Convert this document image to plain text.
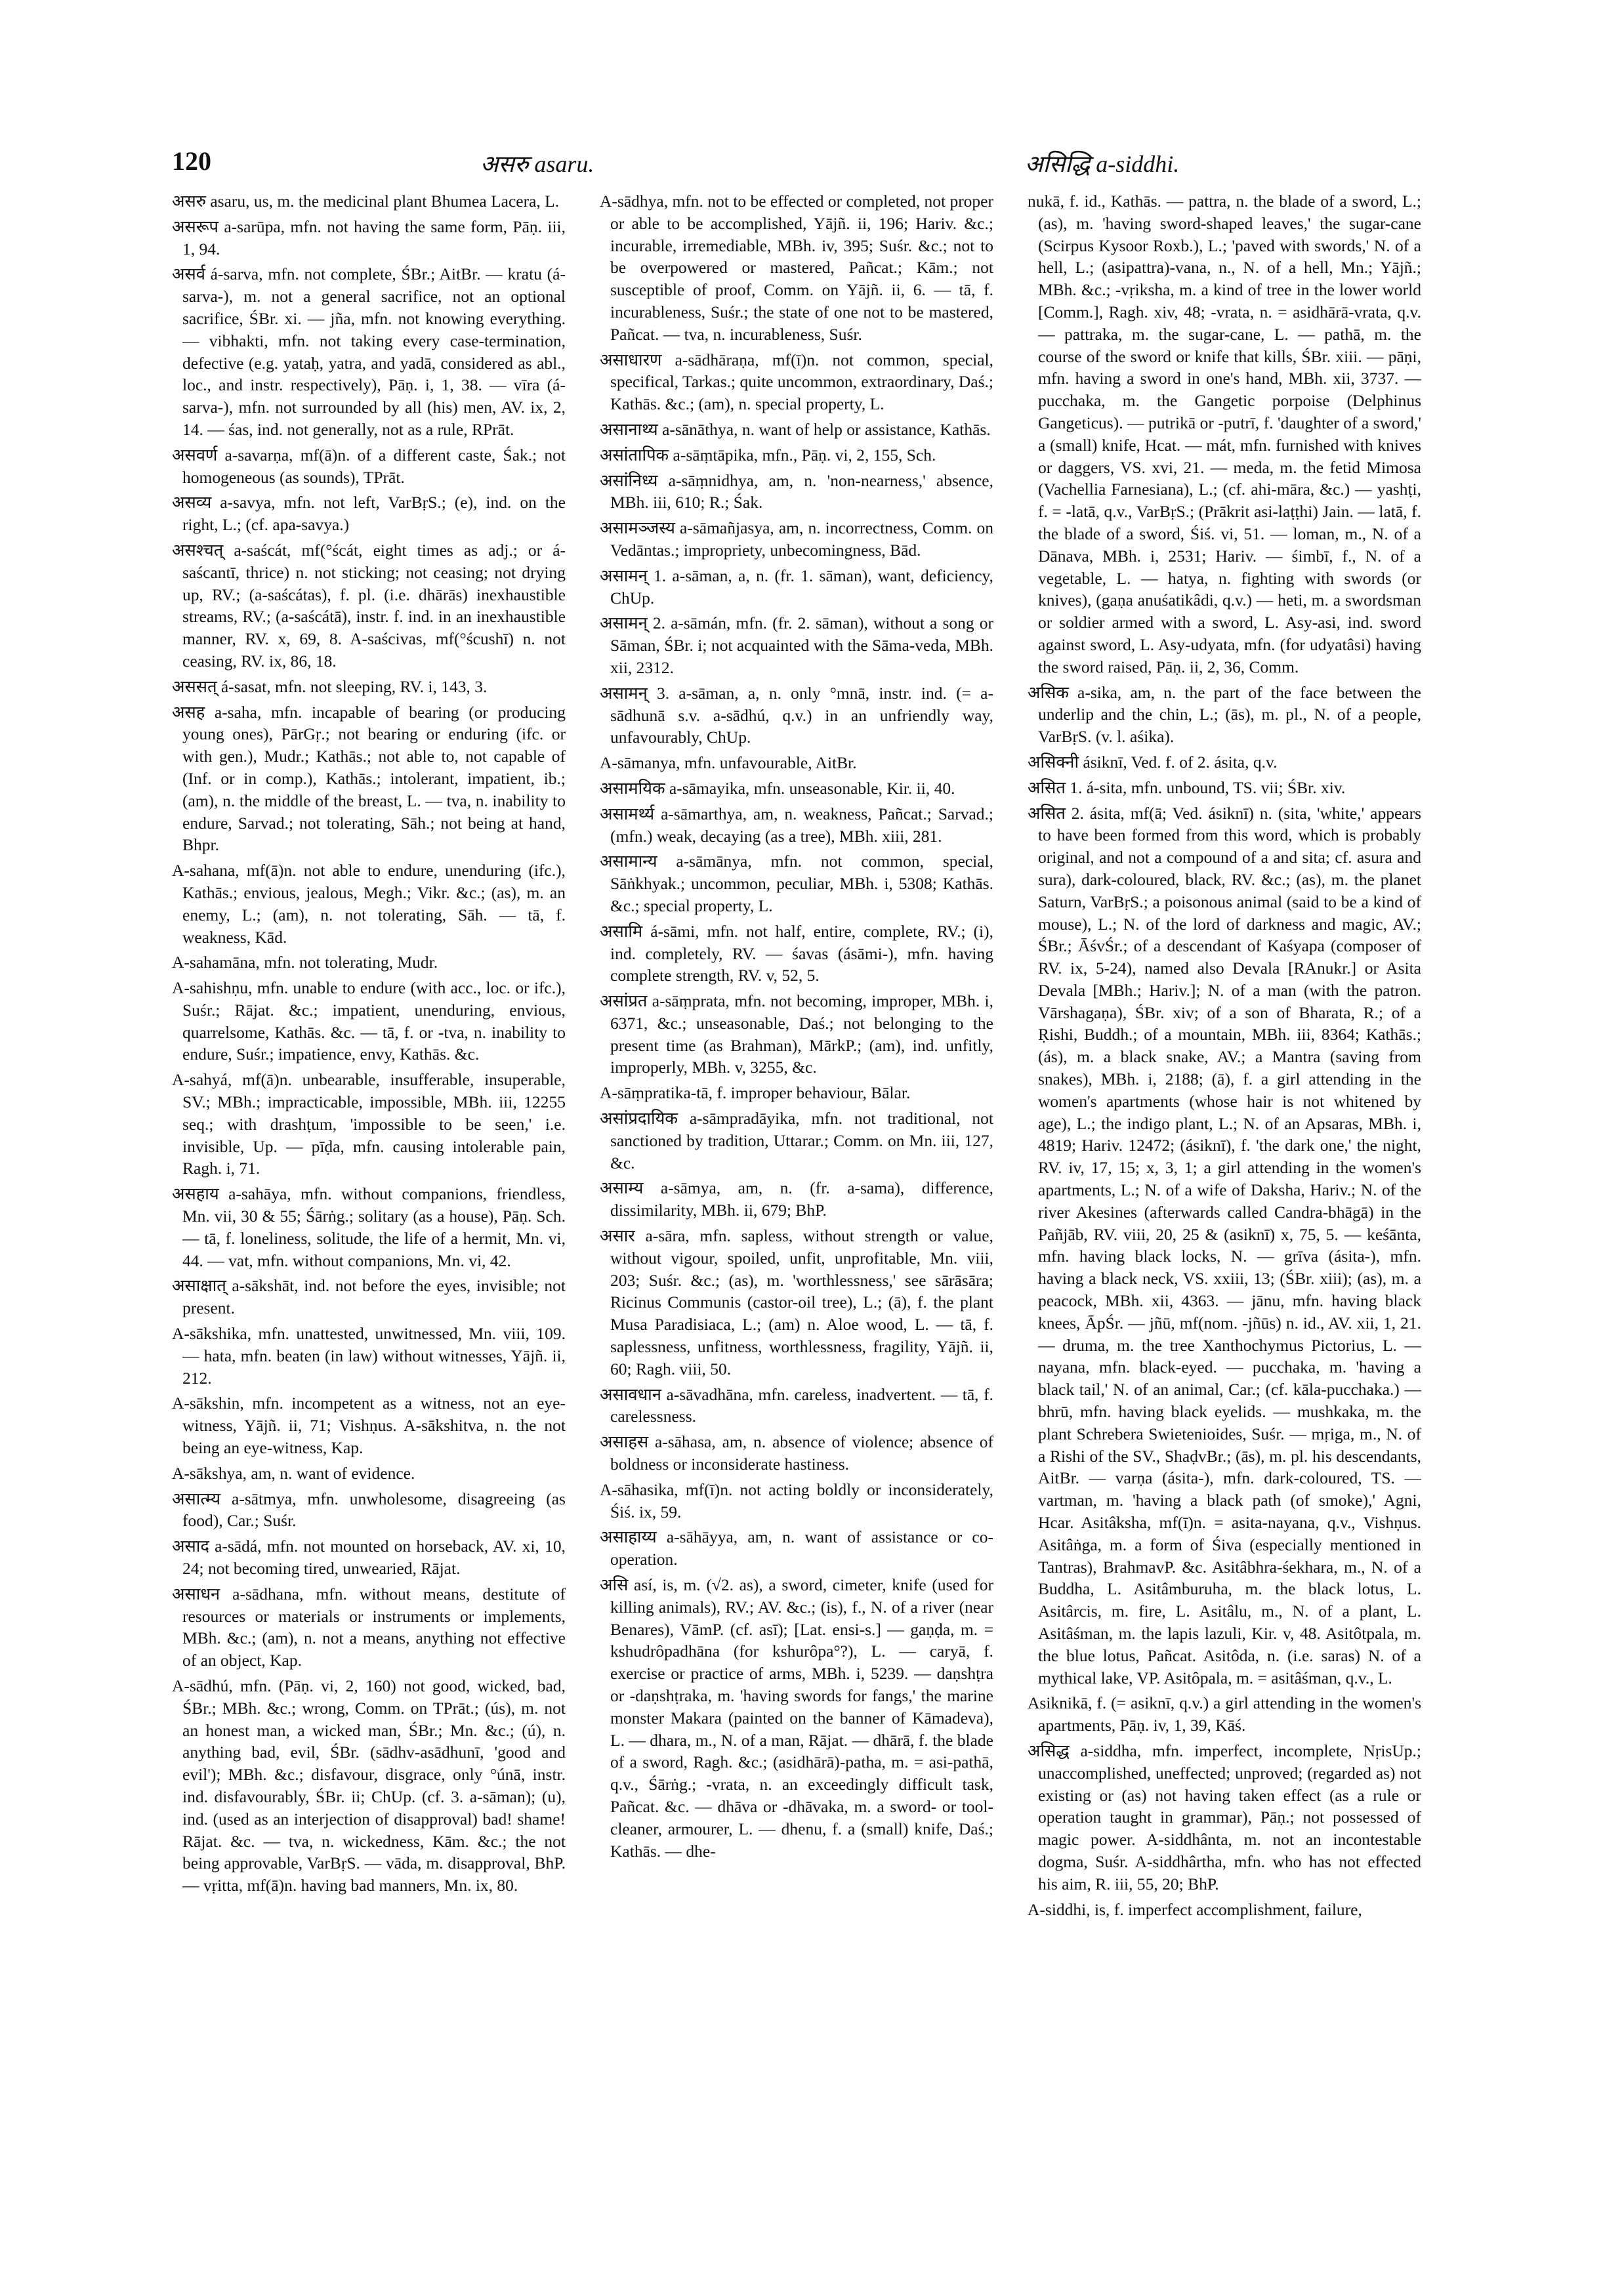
120	असरु asaru.	असिद्धि a-siddhi.

असरु asaru, us, m. the medicinal plant Bhumea Lacera, L.

असरूप a-sarūpa, mfn. not having the same form, Pāṇ. iii, 1, 94.

असर्व á-sarva, mfn. not complete, ŚBr.; AitBr. — kratu (á-sarva-), m. not a general sacrifice, not an optional sacrifice, ŚBr. xi. — jña, mfn. not knowing everything. — vibhakti, mfn. not taking every case-termination, defective (e.g. yataḥ, yatra, and yadā, considered as abl., loc., and instr. respectively), Pāṇ. i, 1, 38. — vīra (á-sarva-), mfn. not surrounded by all (his) men, AV. ix, 2, 14. — śas, ind. not generally, not as a rule, RPrāt.

असवर्ण a-savarṇa, mf(ā)n. of a different caste, Śak.; not homogeneous (as sounds), TPrāt.

असव्य a-savya, mfn. not left, VarBṛS.; (e), ind. on the right, L.; (cf. apa-savya.)

असश्चत् a-saścát, mf(°ścát, eight times as adj.; or á-saścantī, thrice) n. not sticking; not ceasing; not drying up, RV.; (a-saścátas), f. pl. (i.e. dhārās) inexhaustible streams, RV.; (a-saścátā), instr. f. ind. in an inexhaustible manner, RV. x, 69, 8. A-saścivas, mf(°ścushī) n. not ceasing, RV. ix, 86, 18.

अससत् á-sasat, mfn. not sleeping, RV. i, 143, 3.

असह a-saha, mfn. incapable of bearing (or producing young ones), PārGṛ.; not bearing or enduring (ifc. or with gen.), Mudr.; Kathās.; not able to, not capable of (Inf. or in comp.), Kathās.; intolerant, impatient, ib.; (am), n. the middle of the breast, L. — tva, n. inability to endure, Sarvad.; not tolerating, Sāh.; not being at hand, Bhpr.

A-sahana, mf(ā)n. not able to endure, unenduring (ifc.), Kathās.; envious, jealous, Megh.; Vikr. &c.; (as), m. an enemy, L.; (am), n. not tolerating, Sāh. — tā, f. weakness, Kād.

A-sahamāna, mfn. not tolerating, Mudr.

A-sahishṇu, mfn. unable to endure (with acc., loc. or ifc.), Suśr.; Rājat. &c.; impatient, unenduring, envious, quarrelsome, Kathās. &c. — tā, f. or -tva, n. inability to endure, Suśr.; impatience, envy, Kathās. &c.

A-sahyá, mf(ā)n. unbearable, insufferable, insuperable, SV.; MBh.; impracticable, impossible, MBh. iii, 12255 seq.; with drashṭum, 'impossible to be seen,' i.e. invisible, Up. — pīḍa, mfn. causing intolerable pain, Ragh. i, 71.

असहाय a-sahāya, mfn. without companions, friendless, Mn. vii, 30 & 55; Śārṅg.; solitary (as a house), Pāṇ. Sch. — tā, f. loneliness, solitude, the life of a hermit, Mn. vi, 44. — vat, mfn. without companions, Mn. vi, 42.

असाक्षात् a-sākshāt, ind. not before the eyes, invisible; not present.

A-sākshika, mfn. unattested, unwitnessed, Mn. viii, 109. — hata, mfn. beaten (in law) without witnesses, Yājñ. ii, 212.

A-sākshin, mfn. incompetent as a witness, not an eye-witness, Yājñ. ii, 71; Vishṇus. A-sākshitva, n. the not being an eye-witness, Kap.

A-sākshya, am, n. want of evidence.

असात्म्य a-sātmya, mfn. unwholesome, disagreeing (as food), Car.; Suśr.

असाद a-sādá, mfn. not mounted on horseback, AV. xi, 10, 24; not becoming tired, unwearied, Rājat.

असाधन a-sādhana, mfn. without means, destitute of resources or materials or instruments or implements, MBh. &c.; (am), n. not a means, anything not effective of an object, Kap.

A-sādhú, mfn. (Pāṇ. vi, 2, 160) not good, wicked, bad, ŚBr.; MBh. &c.; wrong, Comm. on TPrāt.; (ús), m. not an honest man, a wicked man, ŚBr.; Mn. &c.; (ú), n. anything bad, evil, ŚBr. (sādhv-asādhunī, 'good and evil'); MBh. &c.; disfavour, disgrace, only °únā, instr. ind. disfavourably, ŚBr. ii; ChUp. (cf. 3. a-sāman); (u), ind. (used as an interjection of disapproval) bad! shame! Rājat. &c. — tva, n. wickedness, Kām. &c.; the not being approvable, VarBṛS. — vāda, m. disapproval, BhP. — vṛitta, mf(ā)n. having bad manners, Mn. ix, 80.

A-sādhya, mfn. not to be effected or completed, not proper or able to be accomplished, Yājñ. ii, 196; Hariv. &c.; incurable, irremediable, MBh. iv, 395; Suśr. &c.; not to be overpowered or mastered, Pañcat.; Kām.; not susceptible of proof, Comm. on Yājñ. ii, 6. — tā, f. incurableness, Suśr.; the state of one not to be mastered, Pañcat. — tva, n. incurableness, Suśr.

असाधारण a-sādhāraṇa, mf(ī)n. not common, special, specifical, Tarkas.; quite uncommon, extraordinary, Daś.; Kathās. &c.; (am), n. special property, L.

असानाथ्य a-sānāthya, n. want of help or assistance, Kathās.

असांतापिक a-sāṃtāpika, mfn., Pāṇ. vi, 2, 155, Sch.

असांनिध्य a-sāṃnidhya, am, n. 'non-nearness,' absence, MBh. iii, 610; R.; Śak.

असामञ्जस्य a-sāmañjasya, am, n. incorrectness, Comm. on Vedāntas.; impropriety, unbecomingness, Bād.

असामन् 1. a-sāman, a, n. (fr. 1. sāman), want, deficiency, ChUp.

असामन् 2. a-sāmán, mfn. (fr. 2. sāman), without a song or Sāman, ŚBr. i; not acquainted with the Sāma-veda, MBh. xii, 2312.

असामन् 3. a-sāman, a, n. only °mnā, instr. ind. (= a-sādhunā s.v. a-sādhú, q.v.) in an unfriendly way, unfavourably, ChUp.

A-sāmanya, mfn. unfavourable, AitBr.

असामयिक a-sāmayika, mfn. unseasonable, Kir. ii, 40.

असामर्थ्य a-sāmarthya, am, n. weakness, Pañcat.; Sarvad.; (mfn.) weak, decaying (as a tree), MBh. xiii, 281.

असामान्य a-sāmānya, mfn. not common, special, Sāṅkhyak.; uncommon, peculiar, MBh. i, 5308; Kathās. &c.; special property, L.

असामि á-sāmi, mfn. not half, entire, complete, RV.; (i), ind. completely, RV. — śavas (ásāmi-), mfn. having complete strength, RV. v, 52, 5.

असांप्रत a-sāṃprata, mfn. not becoming, improper, MBh. i, 6371, &c.; unseasonable, Daś.; not belonging to the present time (as Brahman), MārkP.; (am), ind. unfitly, improperly, MBh. v, 3255, &c.

A-sāṃpratika-tā, f. improper behaviour, Bālar.

असांप्रदायिक a-sāmpradāyika, mfn. not traditional, not sanctioned by tradition, Uttarar.; Comm. on Mn. iii, 127, &c.

असाम्य a-sāmya, am, n. (fr. a-sama), difference, dissimilarity, MBh. ii, 679; BhP.

असार a-sāra, mfn. sapless, without strength or value, without vigour, spoiled, unfit, unprofitable, Mn. viii, 203; Suśr. &c.; (as), m. 'worthlessness,' see sārāsāra; Ricinus Communis (castor-oil tree), L.; (ā), f. the plant Musa Paradisiaca, L.; (am) n. Aloe wood, L. — tā, f. saplessness, unfitness, worthlessness, fragility, Yājñ. ii, 60; Ragh. viii, 50.

असावधान a-sāvadhāna, mfn. careless, inadvertent. — tā, f. carelessness.

असाहस a-sāhasa, am, n. absence of violence; absence of boldness or inconsiderate hastiness.

A-sāhasika, mf(ī)n. not acting boldly or inconsiderately, Śiś. ix, 59.

असाहाय्य a-sāhāyya, am, n. want of assistance or co-operation.

असि así, is, m. (√2. as), a sword, cimeter, knife (used for killing animals), RV.; AV. &c.; (is), f., N. of a river (near Benares), VāmP. (cf. asī); [Lat. ensi-s.] — gaṇḍa, m. = kshudrôpadhāna (for kshurôpa°?), L. — caryā, f. exercise or practice of arms, MBh. i, 5239. — daṇshṭra or -daṇshṭraka, m. 'having swords for fangs,' the marine monster Makara (painted on the banner of Kāmadeva), L. — dhara, m., N. of a man, Rājat. — dhārā, f. the blade of a sword, Ragh. &c.; (asidhārā)-patha, m. = asi-pathā, q.v., Śārṅg.; -vrata, n. an exceedingly difficult task, Pañcat. &c. — dhāva or -dhāvaka, m. a sword- or tool-cleaner, armourer, L. — dhenu, f. a (small) knife, Daś.; Kathās. — dhe-

nukā, f. id., Kathās. — pattra, n. the blade of a sword, L.; (as), m. 'having sword-shaped leaves,' the sugar-cane (Scirpus Kysoor Roxb.), L.; 'paved with swords,' N. of a hell, L.; (asipattra)-vana, n., N. of a hell, Mn.; Yājñ.; MBh. &c.; -vṛiksha, m. a kind of tree in the lower world [Comm.], Ragh. xiv, 48; -vrata, n. = asidhārā-vrata, q.v. — pattraka, m. the sugar-cane, L. — pathā, m. the course of the sword or knife that kills, ŚBr. xiii. — pāṇi, mfn. having a sword in one's hand, MBh. xii, 3737. — pucchaka, m. the Gangetic porpoise (Delphinus Gangeticus). — putrikā or -putrī, f. 'daughter of a sword,' a (small) knife, Hcat. — mát, mfn. furnished with knives or daggers, VS. xvi, 21. — meda, m. the fetid Mimosa (Vachellia Farnesiana), L.; (cf. ahi-māra, &c.) — yashṭi, f. = -latā, q.v., VarBṛS.; (Prākrit asi-laṭṭhi) Jain. — latā, f. the blade of a sword, Śiś. vi, 51. — loman, m., N. of a Dānava, MBh. i, 2531; Hariv. — śimbī, f., N. of a vegetable, L. — hatya, n. fighting with swords (or knives), (gaṇa anuśatikâdi, q.v.) — heti, m. a swordsman or soldier armed with a sword, L. Asy-asi, ind. sword against sword, L. Asy-udyata, mfn. (for udyatâsi) having the sword raised, Pāṇ. ii, 2, 36, Comm.

असिक a-sika, am, n. the part of the face between the underlip and the chin, L.; (ās), m. pl., N. of a people, VarBṛS. (v. l. aśika).

असिक्नी ásiknī, Ved. f. of 2. ásita, q.v.

असित 1. á-sita, mfn. unbound, TS. vii; ŚBr. xiv.

असित 2. ásita, mf(ā; Ved. ásiknī) n. (sita, 'white,' appears to have been formed from this word, which is probably original, and not a compound of a and sita; cf. asura and sura), dark-coloured, black, RV. &c.; (as), m. the planet Saturn, VarBṛS.; a poisonous animal (said to be a kind of mouse), L.; N. of the lord of darkness and magic, AV.; ŚBr.; ĀśvŚr.; of a descendant of Kaśyapa (composer of RV. ix, 5-24), named also Devala [RAnukr.] or Asita Devala [MBh.; Hariv.]; N. of a man (with the patron. Vārshagaṇa), ŚBr. xiv; of a son of Bharata, R.; of a Ṛishi, Buddh.; of a mountain, MBh. iii, 8364; Kathās.; (ás), m. a black snake, AV.; a Mantra (saving from snakes), MBh. i, 2188; (ā), f. a girl attending in the women's apartments (whose hair is not whitened by age), L.; the indigo plant, L.; N. of an Apsaras, MBh. i, 4819; Hariv. 12472; (ásiknī), f. 'the dark one,' the night, RV. iv, 17, 15; x, 3, 1; a girl attending in the women's apartments, L.; N. of a wife of Daksha, Hariv.; N. of the river Akesines (afterwards called Candra-bhāgā) in the Pañjāb, RV. viii, 20, 25 & (asiknī) x, 75, 5. — keśānta, mfn. having black locks, N. — grīva (ásita-), mfn. having a black neck, VS. xxiii, 13; (ŚBr. xiii); (as), m. a peacock, MBh. xii, 4363. — jānu, mfn. having black knees, ĀpŚr. — jñū, mf(nom. -jñūs) n. id., AV. xii, 1, 21. — druma, m. the tree Xanthochymus Pictorius, L. — nayana, mfn. black-eyed. — pucchaka, m. 'having a black tail,' N. of an animal, Car.; (cf. kāla-pucchaka.) — bhrū, mfn. having black eyelids. — mushkaka, m. the plant Schrebera Swietenioides, Suśr. — mṛiga, m., N. of a Rishi of the SV., ShaḍvBr.; (ās), m. pl. his descendants, AitBr. — varṇa (ásita-), mfn. dark-coloured, TS. — vartman, m. 'having a black path (of smoke),' Agni, Hcar. Asitâksha, mf(ī)n. = asita-nayana, q.v., Vishṇus. Asitâṅga, m. a form of Śiva (especially mentioned in Tantras), BrahmavP. &c. Asitâbhra-śekhara, m., N. of a Buddha, L. Asitâmburuha, m. the black lotus, L. Asitârcis, m. fire, L. Asitâlu, m., N. of a plant, L. Asitâśman, m. the lapis lazuli, Kir. v, 48. Asitôtpala, m. the blue lotus, Pañcat. Asitôda, n. (i.e. saras) N. of a mythical lake, VP. Asitôpala, m. = asitâśman, q.v., L.

Asiknikā, f. (= asiknī, q.v.) a girl attending in the women's apartments, Pāṇ. iv, 1, 39, Kāś.

असिद्ध a-siddha, mfn. imperfect, incomplete, NṛisUp.; unaccomplished, uneffected; unproved; (regarded as) not existing or (as) not having taken effect (as a rule or operation taught in grammar), Pāṇ.; not possessed of magic power. A-siddhânta, m. not an incontestable dogma, Suśr. A-siddhârtha, mfn. who has not effected his aim, R. iii, 55, 20; BhP.

A-siddhi, is, f. imperfect accomplishment, failure,
